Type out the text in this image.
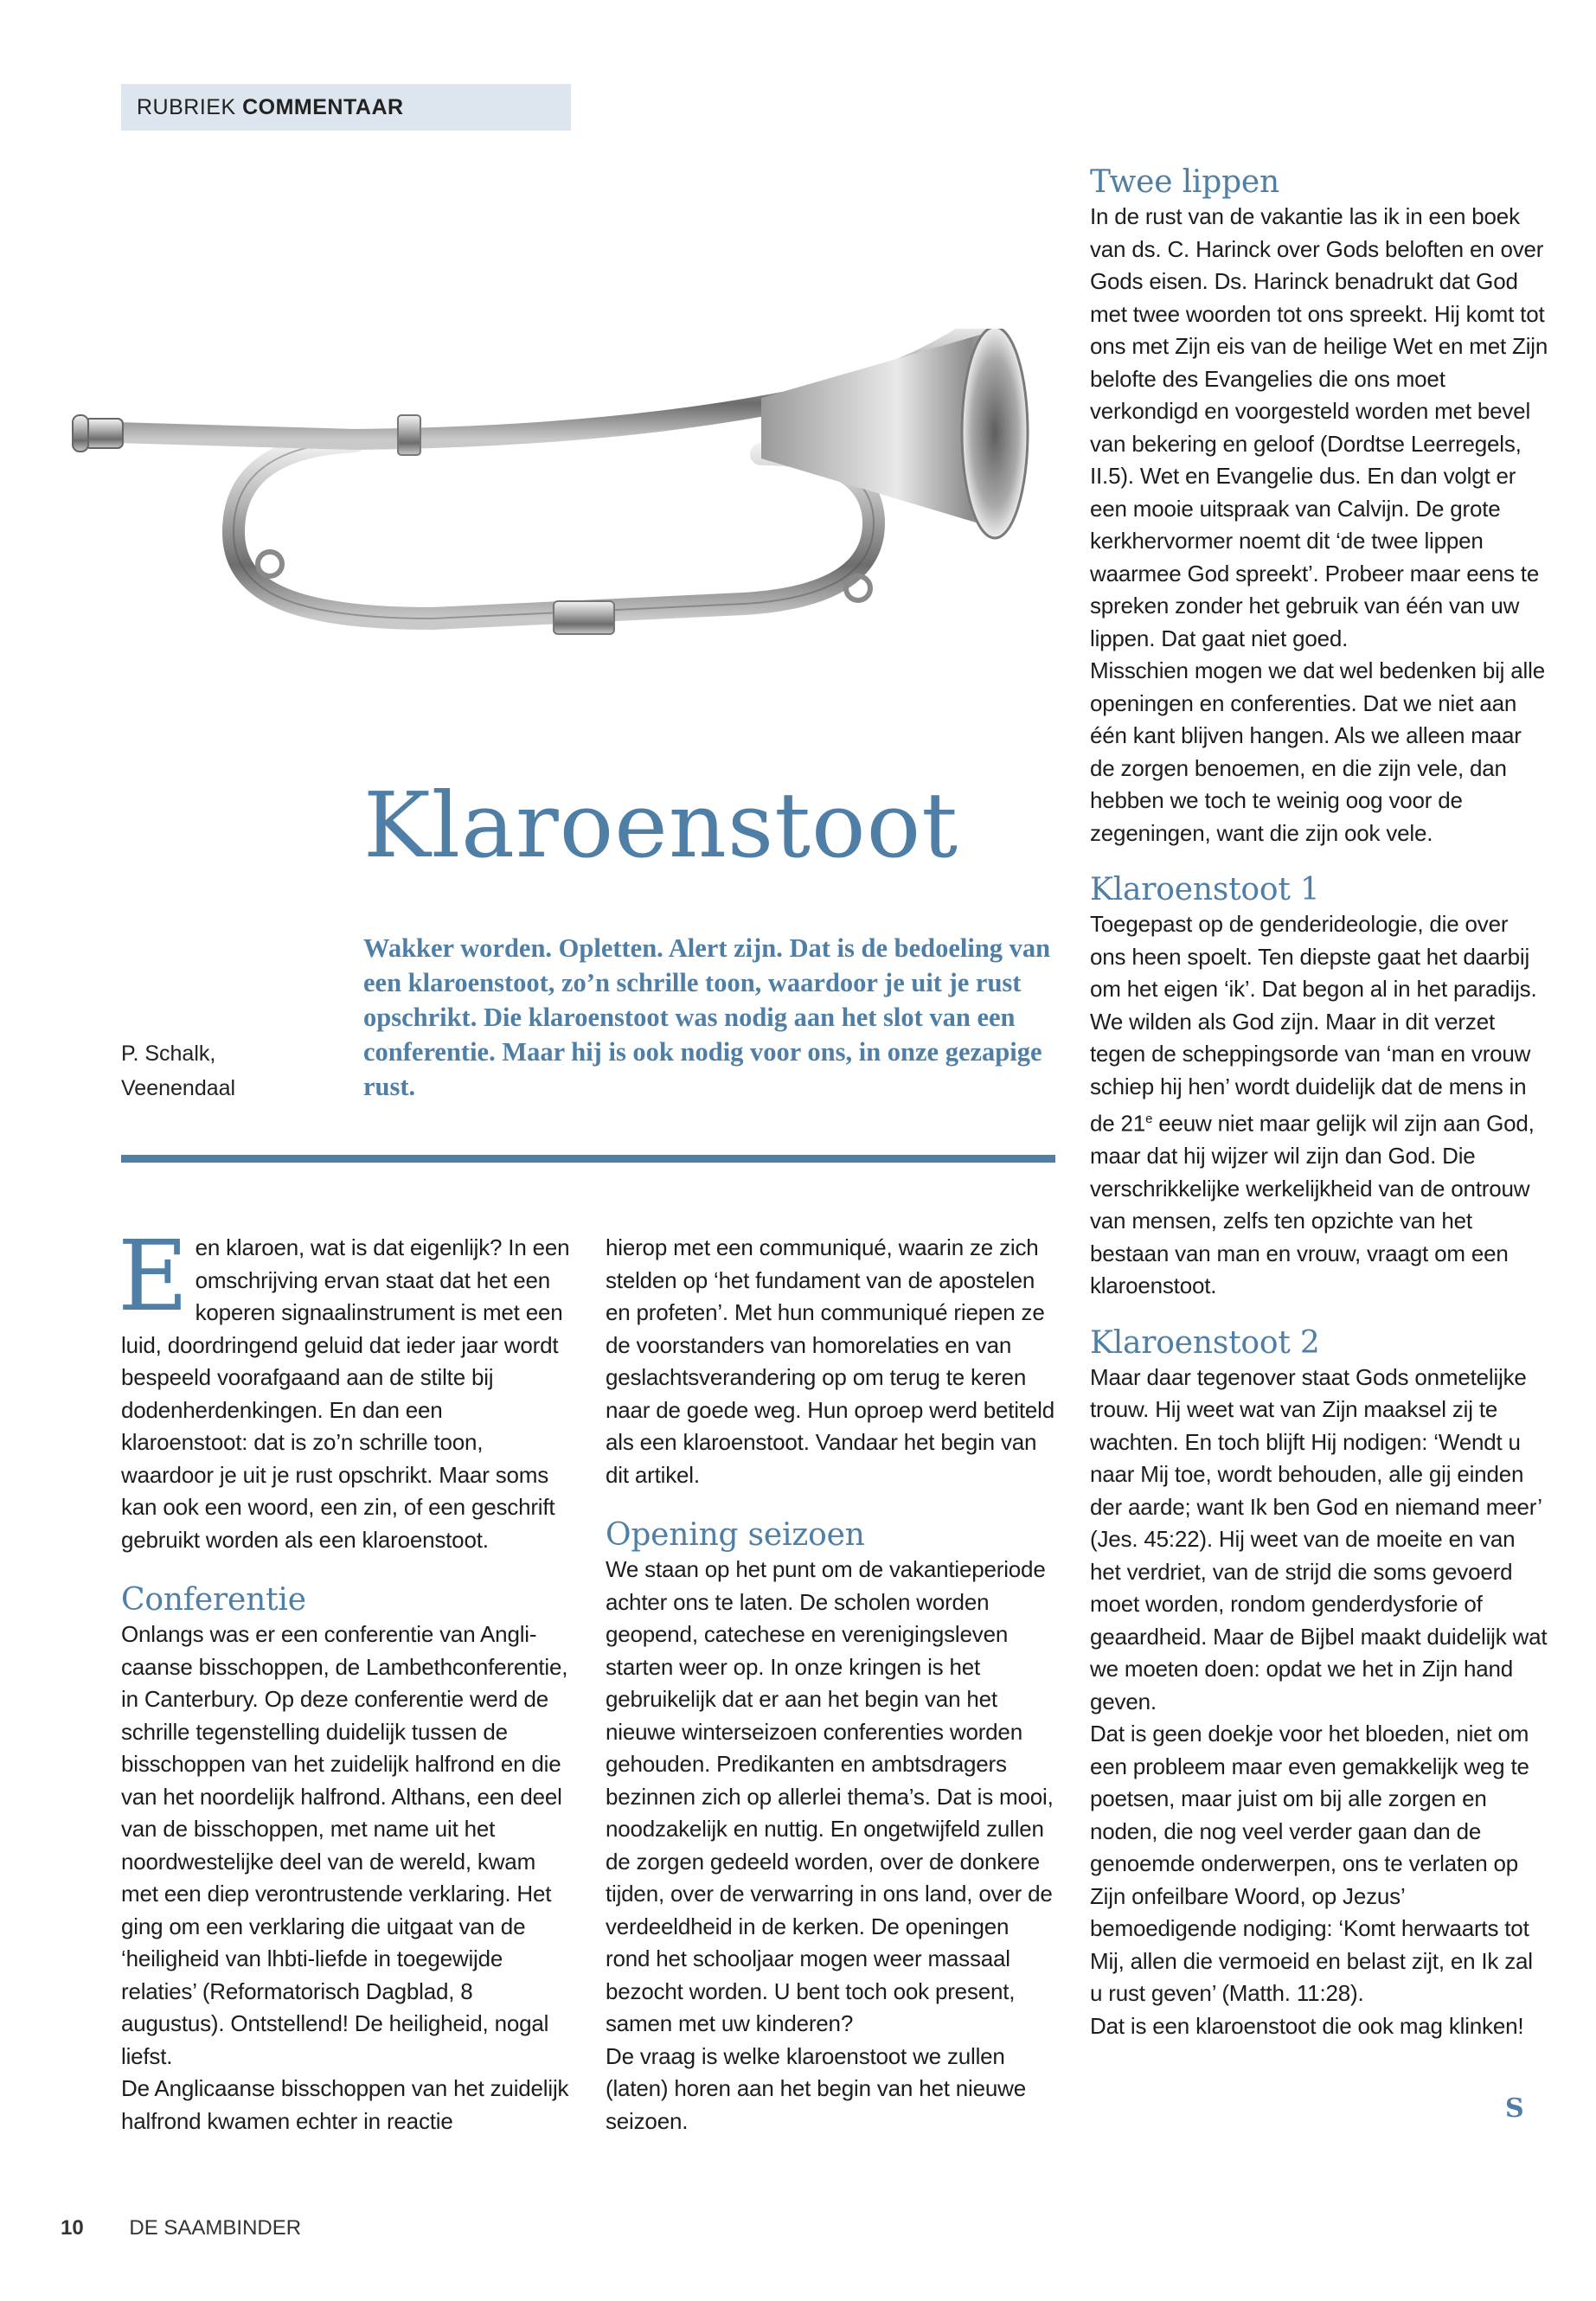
RUBRIEK COMMENTAAR
Klaroenstoot
P. Schalk,
Veenendaal
Wakker worden. Opletten. Alert zijn. Dat is de bedoeling van een klaroenstoot, zo’n schrille toon, waardoor je uit je rust opschrikt. Die klaroenstoot was nodig aan het slot van een conferentie. Maar hij is ook nodig voor ons, in onze gezapige rust.
E en klaroen, wat is dat eigenlijk? In een omschrijving ervan staat dat het een koperen signaalinstrument is met een luid, doordringend geluid dat ieder jaar wordt bespeeld voorafgaand aan de stilte bij dodenherdenkingen. En dan een klaroenstoot: dat is zo’n schrille toon, waardoor je uit je rust opschrikt. Maar soms kan ook een woord, een zin, of een geschrift gebruikt worden als een klaroenstoot.

Conferentie

Onlangs was er een conferentie van Anglicaanse bisschoppen, de Lambethconferentie, in Canterbury. Op deze conferentie werd de schrille tegenstelling duidelijk tussen de bisschoppen van het zuidelijk halfrond en die van het noordelijk halfrond. Althans, een deel van de bisschoppen, met name uit het noordwestelijke deel van de wereld, kwam met een diep verontrustende verklaring. Het ging om een verklaring die uitgaat van de ‘heiligheid van lhbti-liefde in toegewijde relaties’ (Reformatorisch Dagblad, 8 augustus). Ontstellend! De heiligheid, nogal liefst.

De Anglicaanse bisschoppen van het zuidelijk halfrond kwamen echter in reactie

hierop met een communiqué, waarin ze zich stelden op ‘het fundament van de apostelen en profeten’. Met hun communiqué riepen ze de voorstanders van homorelaties en van geslachtsverandering op om terug te keren naar de goede weg. Hun oproep werd betiteld als een klaroenstoot. Vandaar het begin van dit artikel.

Opening seizoen

We staan op het punt om de vakantieperiode achter ons te laten. De scholen worden geopend, catechese en verenigingsleven starten weer op. In onze kringen is het gebruikelijk dat er aan het begin van het nieuwe winterseizoen conferenties worden gehouden. Predikanten en ambtsdragers bezinnen zich op allerlei thema’s. Dat is mooi, noodzakelijk en nuttig. En ongetwijfeld zullen de zorgen gedeeld worden, over de donkere tijden, over de verwarring in ons land, over de verdeeldheid in de kerken. De openingen rond het schooljaar mogen weer massaal bezocht worden. U bent toch ook present, samen met uw kinderen?

De vraag is welke klaroenstoot we zullen (laten) horen aan het begin van het nieuwe seizoen.

Twee lippen

In de rust van de vakantie las ik in een boek van ds. C. Harinck over Gods beloften en over Gods eisen. Ds. Harinck benadrukt dat God met twee woorden tot ons spreekt. Hij komt tot ons met Zijn eis van de heilige Wet en met Zijn belofte des Evangelies die ons moet verkondigd en voorgesteld worden met bevel van bekering en geloof (Dordtse Leerregels, II.5). Wet en Evangelie dus. En dan volgt er een mooie uitspraak van Calvijn. De grote kerkhervormer noemt dit ‘de twee lippen waarmee God spreekt’. Probeer maar eens te spreken zonder het gebruik van één van uw lippen. Dat gaat niet goed.

Misschien mogen we dat wel bedenken bij alle openingen en conferenties. Dat we niet aan één kant blijven hangen. Als we alleen maar de zorgen benoemen, en die zijn vele, dan hebben we toch te weinig oog voor de zegeningen, want die zijn ook vele.

Klaroenstoot 1

Toegepast op de genderideologie, die over ons heen spoelt. Ten diepste gaat het daarbij om het eigen ‘ik’. Dat begon al in het paradijs. We wilden als God zijn. Maar in dit verzet tegen de scheppingsorde van ‘man en vrouw schiep hij hen’ wordt duidelijk dat de mens in de 21e eeuw niet maar gelijk wil zijn aan God, maar dat hij wijzer wil zijn dan God. Die verschrikkelijke werkelijkheid van de ontrouw van mensen, zelfs ten opzichte van het bestaan van man en vrouw, vraagt om een klaroenstoot.

Klaroenstoot 2

Maar daar tegenover staat Gods onmetelijke trouw. Hij weet wat van Zijn maaksel zij te wachten. En toch blijft Hij nodigen: ‘Wendt u naar Mij toe, wordt behouden, alle gij einden der aarde; want Ik ben God en niemand meer’ (Jes. 45:22). Hij weet van de moeite en van het verdriet, van de strijd die soms gevoerd moet worden, rondom genderdysforie of geaardheid. Maar de Bijbel maakt duidelijk wat we moeten doen: opdat we het in Zijn hand geven.

Dat is geen doekje voor het bloeden, niet om een probleem maar even gemakkelijk weg te poetsen, maar juist om bij alle zorgen en noden, die nog veel verder gaan dan de genoemde onderwerpen, ons te verlaten op Zijn onfeilbare Woord, op Jezus’ bemoedigende nodiging: ‘Komt herwaarts tot Mij, allen die vermoeid en belast zijt, en Ik zal u rust geven’ (Matth. 11:28).

Dat is een klaroenstoot die ook mag klinken!

S
10 DE SAAMBINDER
